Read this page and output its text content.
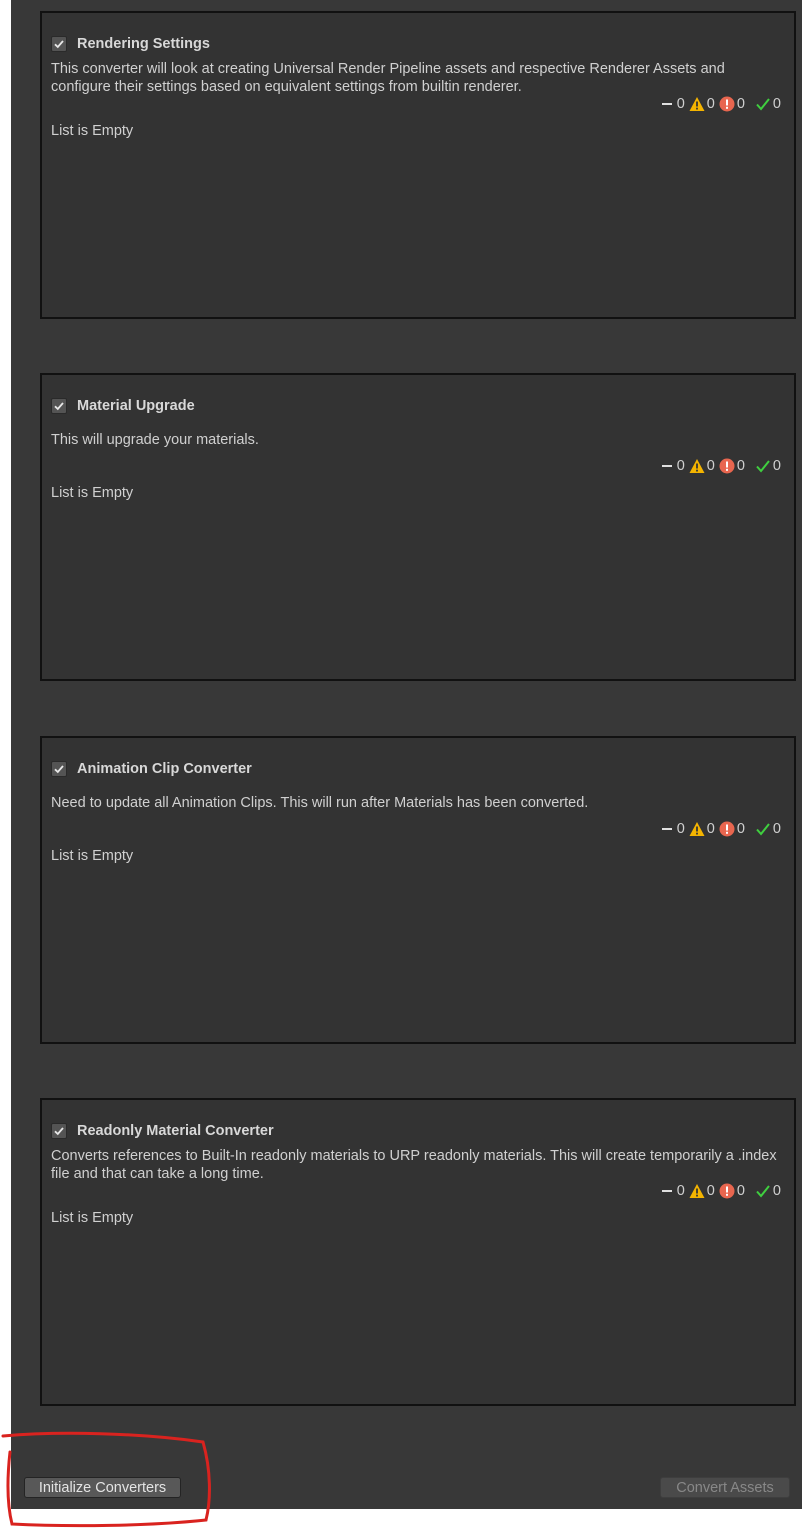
Rendering Settings
This converter will look at creating Universal Render Pipeline assets and respective Renderer Assets and configure their settings based on equivalent settings from builtin renderer.
0 0 0 0
List is Empty
Material Upgrade
This will upgrade your materials.
0 0 0 0
List is Empty
Animation Clip Converter
Need to update all Animation Clips. This will run after Materials has been converted.
0 0 0 0
List is Empty
Readonly Material Converter
Converts references to Built-In readonly materials to URP readonly materials. This will create temporarily a .index file and that can take a long time.
0 0 0 0
List is Empty
Initialize Converters	Convert Assets
